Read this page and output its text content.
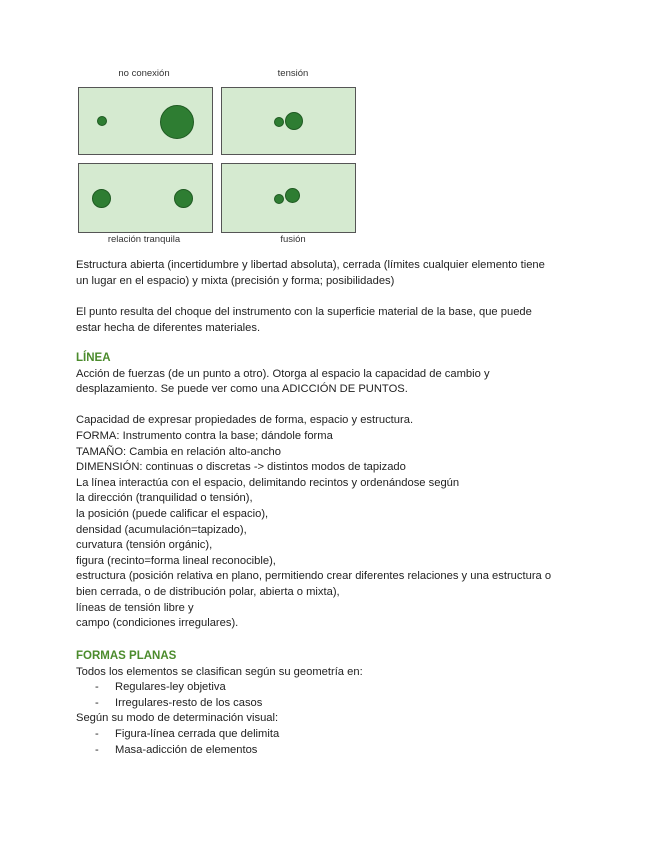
no conexión	tensión
relación tranquila	fusión

Estructura abierta (incertidumbre y libertad absoluta), cerrada (límites cualquier elemento tiene

un lugar en el espacio) y mixta (precisión y forma; posibilidades)

El punto resulta del choque del instrumento con la superficie material de la base, que puede

estar hecha de diferentes materiales.

LÍNEA

Acción de fuerzas (de un punto a otro). Otorga al espacio la capacidad de cambio y

desplazamiento. Se puede ver como una ADICCIÓN DE PUNTOS.

Capacidad de expresar propiedades de forma, espacio y estructura.

FORMA: Instrumento contra la base; dándole forma

TAMAÑO: Cambia en relación alto-ancho

DIMENSIÓN: continuas o discretas -> distintos modos de tapizado

La línea interactúa con el espacio, delimitando recintos y ordenándose según

la dirección (tranquilidad o tensión),

la posición (puede calificar el espacio),

densidad (acumulación=tapizado),

curvatura (tensión orgánic),

figura (recinto=forma lineal reconocible),

estructura (posición relativa en plano, permitiendo crear diferentes relaciones y una estructura o

bien cerrada, o de distribución polar, abierta o mixta),

líneas de tensión libre y

campo (condiciones irregulares).

FORMAS PLANAS

Todos los elementos se clasifican según su geometría en:

- Regulares-ley objetiva

- Irregulares-resto de los casos

Según su modo de determinación visual:

- Figura-línea cerrada que delimita

- Masa-adicción de elementos
